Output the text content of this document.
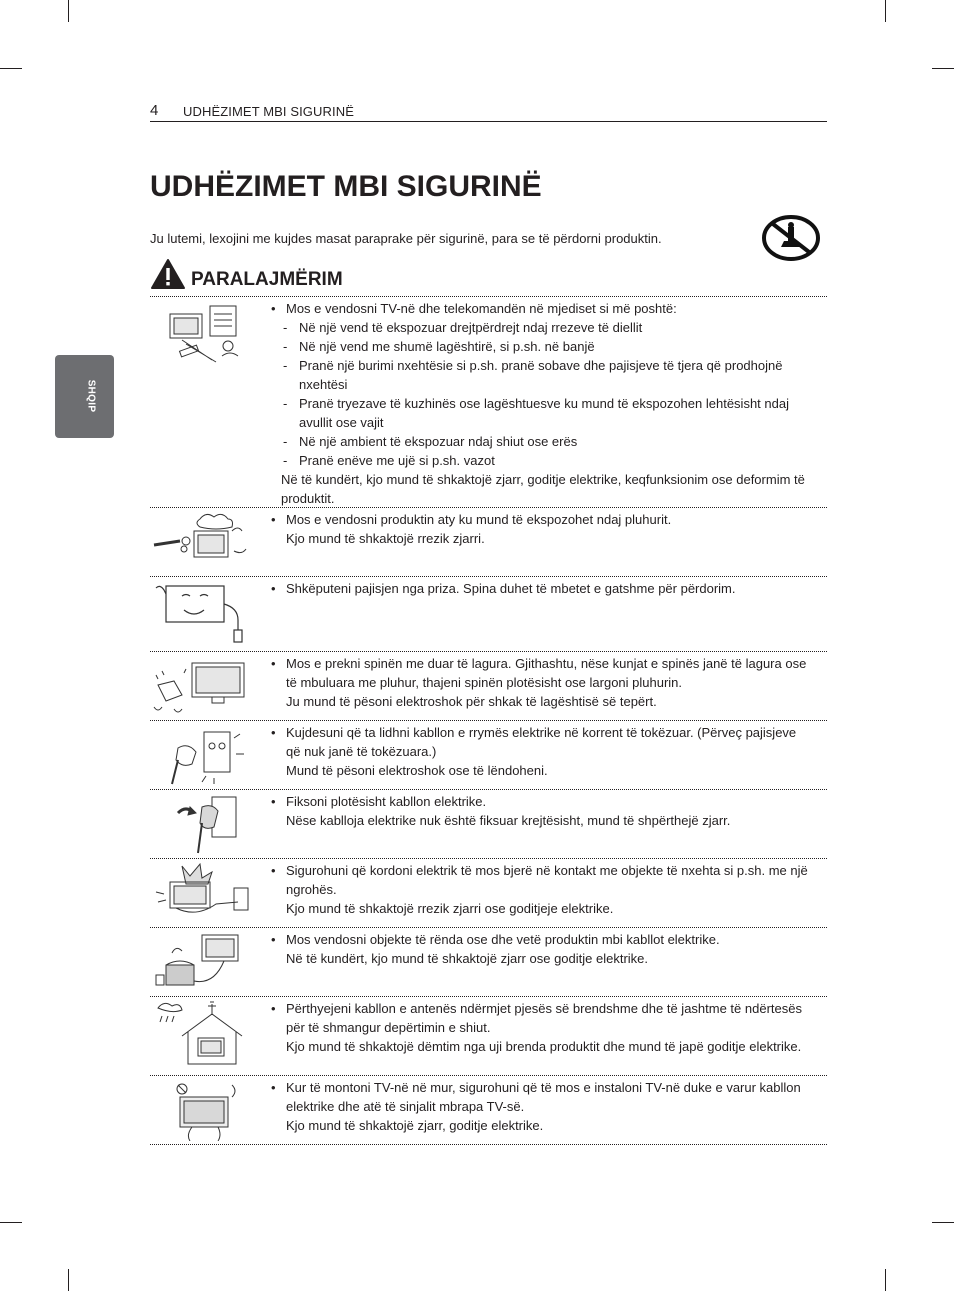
4 UDHËZIMET MBI SIGURINË
SHQIP
UDHËZIMET MBI SIGURINË
Ju lutemi, lexojini me kujdes masat paraprake për sigurinë, para se të përdorni produktin.
PARALAJMËRIM
• Mos e vendosni TV-në dhe telekomandën në mjediset si më poshtë:
- Në një vend të ekspozuar drejtpërdrejt ndaj rrezeve të diellit
- Në një vend me shumë lagështirë, si p.sh. në banjë
- Pranë një burimi nxehtësie si p.sh. pranë sobave dhe pajisjeve të tjera që prodhojnë nxehtësi
- Pranë tryezave të kuzhinës ose lagështuesve ku mund të ekspozohen lehtësisht ndaj avullit ose vajit
- Në një ambient të ekspozuar ndaj shiut ose erës
- Pranë enëve me ujë si p.sh. vazot
Në të kundërt, kjo mund të shkaktojë zjarr, goditje elektrike, keqfunksionim ose deformim të produktit.
• Mos e vendosni produktin aty ku mund të ekspozohet ndaj pluhurit.
Kjo mund të shkaktojë rrezik zjarri.
• Shkëputeni pajisjen nga priza. Spina duhet të mbetet e gatshme për përdorim.
• Mos e prekni spinën me duar të lagura. Gjithashtu, nëse kunjat e spinës janë të lagura ose të mbuluara me pluhur, thajeni spinën plotësisht ose largoni pluhurin.
Ju mund të pësoni elektroshok për shkak të lagështisë së tepërt.
• Kujdesuni që ta lidhni kabllon e rrymës elektrike në korrent të tokëzuar. (Përveç pajisjeve që nuk janë të tokëzuara.)
Mund të pësoni elektroshok ose të lëndoheni.
• Fiksoni plotësisht kabllon elektrike.
Nëse kablloja elektrike nuk është fiksuar krejtësisht, mund të shpërthejë zjarr.
• Sigurohuni që kordoni elektrik të mos bjerë në kontakt me objekte të nxehta si p.sh. me një ngrohës.
Kjo mund të shkaktojë rrezik zjarri ose goditjeje elektrike.
• Mos vendosni objekte të rënda ose dhe vetë produktin mbi kabllot elektrike.
Në të kundërt, kjo mund të shkaktojë zjarr ose goditje elektrike.
• Përthyejeni kabllon e antenës ndërmjet pjesës së brendshme dhe të jashtme të ndërtesës për të shmangur depërtimin e shiut.
Kjo mund të shkaktojë dëmtim nga uji brenda produktit dhe mund të japë goditje elektrike.
• Kur të montoni TV-në në mur, sigurohuni që të mos e instaloni TV-në duke e varur kabllon elektrike dhe atë të sinjalit mbrapa TV-së.
Kjo mund të shkaktojë zjarr, goditje elektrike.
